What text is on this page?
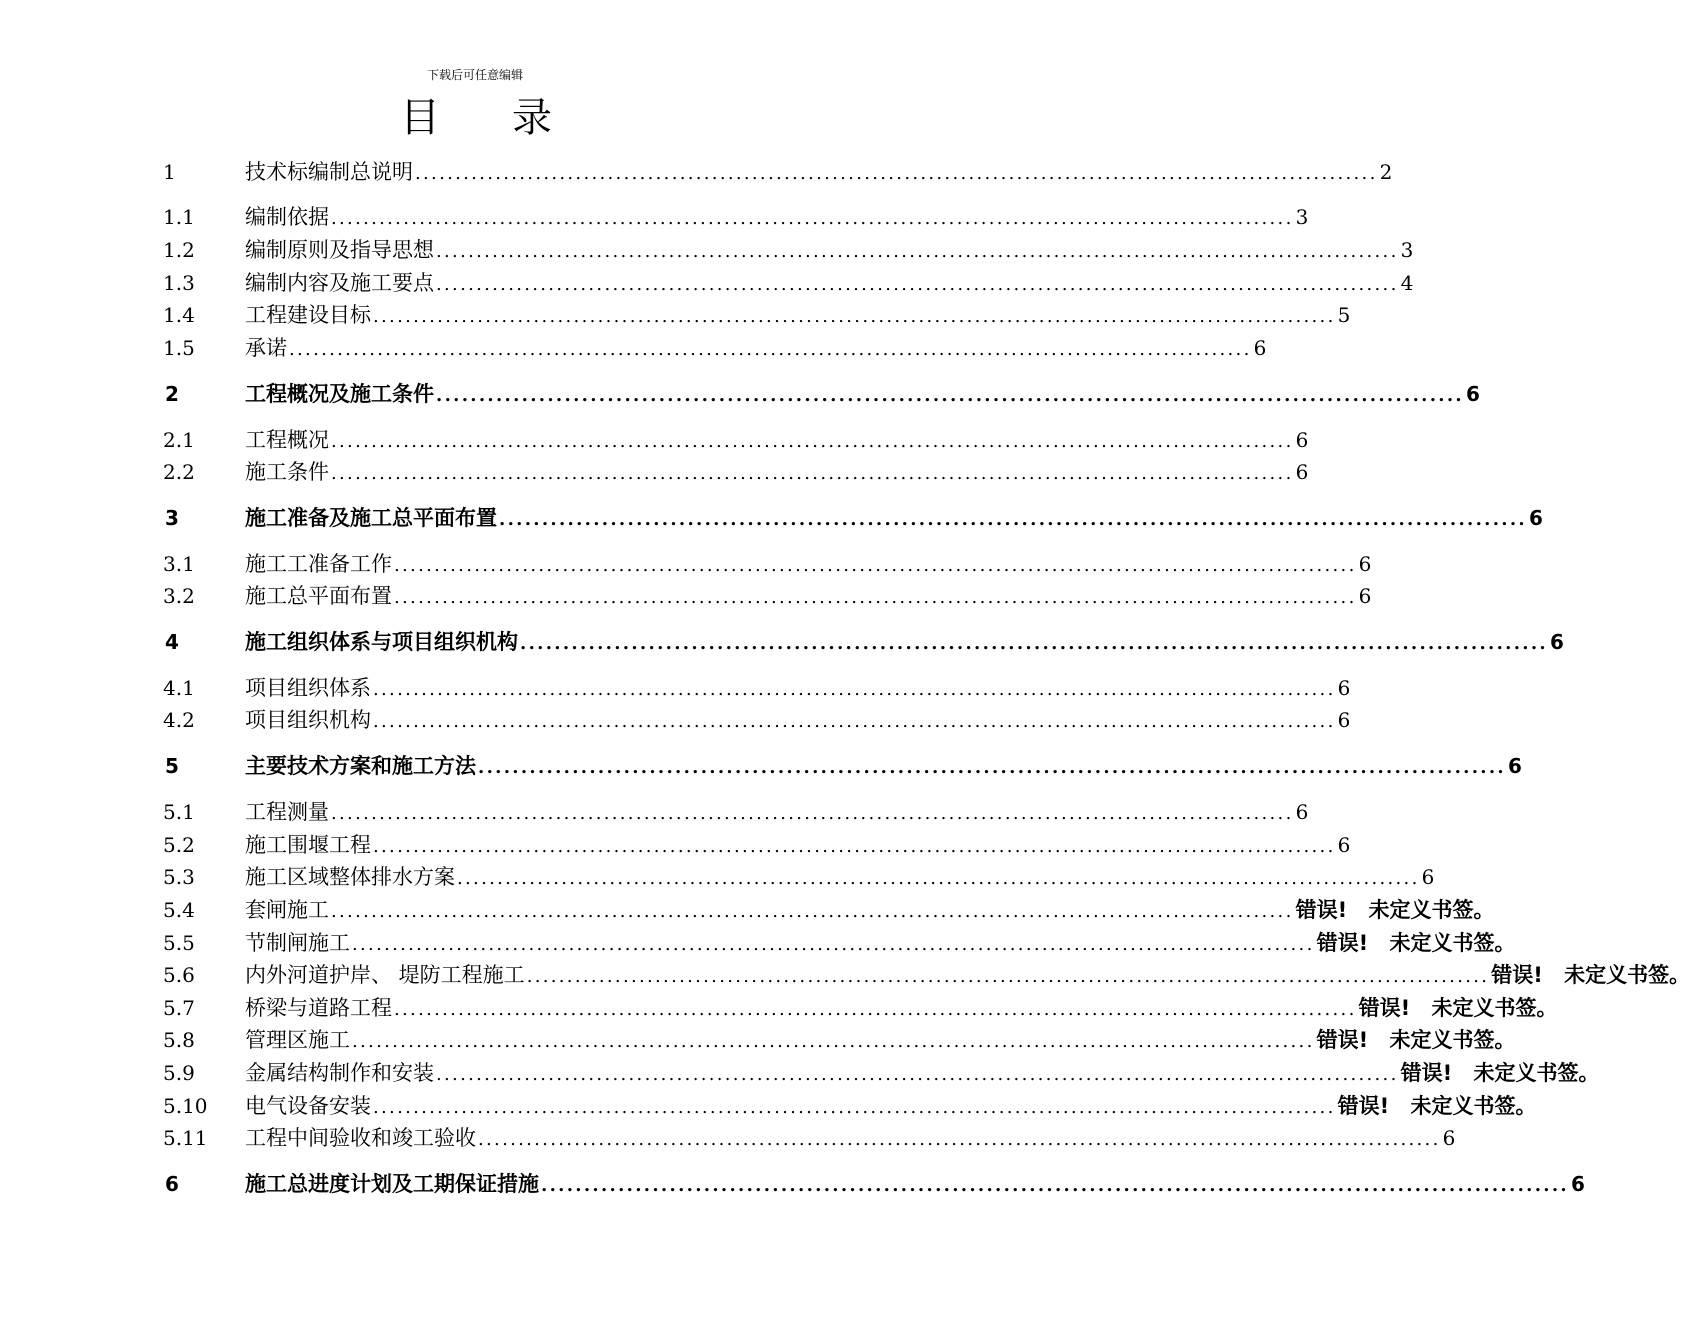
下载后可任意编辑
目 录
1	技术标编制总说明 ........................................................................................................................ 2
1.1	编制依据 ........................................................................................................................ 3
1.2	编制原则及指导思想 ........................................................................................................................ 3
1.3	编制内容及施工要点 ........................................................................................................................ 4
1.4	工程建设目标 ........................................................................................................................ 5
1.5	承诺 ........................................................................................................................ 6
2	工程概况及施工条件 ........................................................................................................................ 6
2.1	工程概况 ........................................................................................................................ 6
2.2	施工条件 ........................................................................................................................ 6
3	施工准备及施工总平面布置 ........................................................................................................................ 6
3.1	施工工准备工作 ........................................................................................................................ 6
3.2	施工总平面布置 ........................................................................................................................ 6
4	施工组织体系与项目组织机构 ........................................................................................................................ 6
4.1	项目组织体系 ........................................................................................................................ 6
4.2	项目组织机构 ........................................................................................................................ 6
5	主要技术方案和施工方法 ........................................................................................................................ 6
5.1	工程测量 ........................................................................................................................ 6
5.2	施工围堰工程 ........................................................................................................................ 6
5.3	施工区域整体排水方案 ........................................................................................................................ 6
5.4	套闸施工 ........................................................................................................................ 错误! 未定义书签。
5.5	节制闸施工 ........................................................................................................................ 错误! 未定义书签。
5.6	内外河道护岸、 堤防工程施工 ........................................................................................................................ 错误! 未定义书签。
5.7	桥梁与道路工程 ........................................................................................................................ 错误! 未定义书签。
5.8	管理区施工 ........................................................................................................................ 错误! 未定义书签。
5.9	金属结构制作和安装 ........................................................................................................................ 错误! 未定义书签。
5.10	电气设备安装 ........................................................................................................................ 错误! 未定义书签。
5.11	工程中间验收和竣工验收 ........................................................................................................................ 6
6	施工总进度计划及工期保证措施 ........................................................................................................................ 6
